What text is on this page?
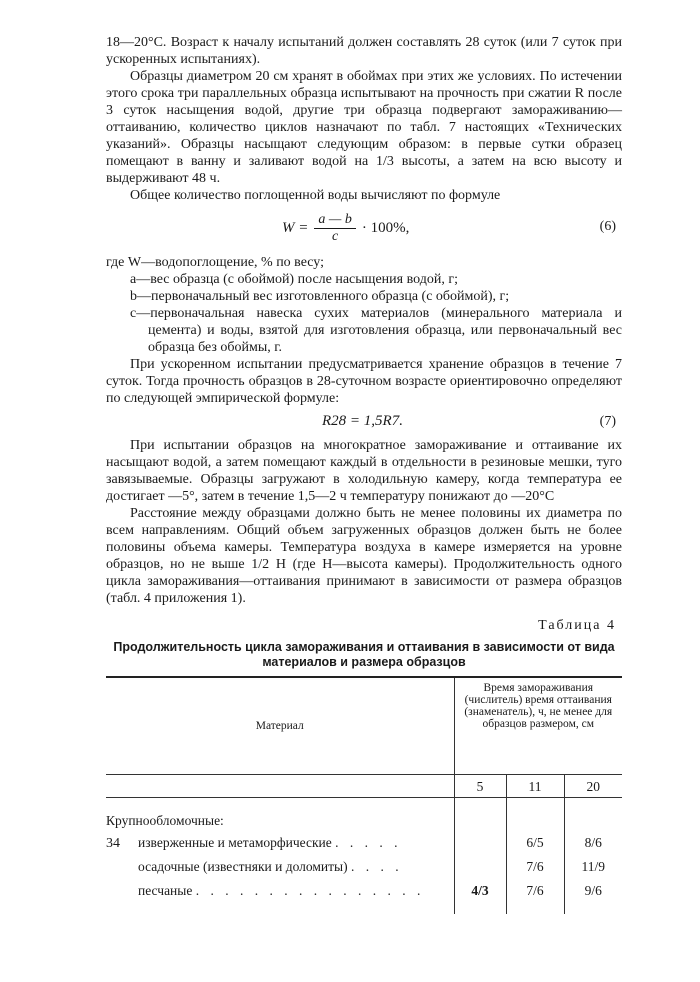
18—20°C. Возраст к началу испытаний должен составлять 28 суток (или 7 суток при ускоренных испытаниях).

Образцы диаметром 20 см хранят в обоймах при этих же условиях. По истечении этого срока три параллельных образца испытывают на прочность при сжатии R после 3 суток насыщения водой, другие три образца подвергают замораживанию—оттаиванию, количество циклов назначают по табл. 7 настоящих «Технических указаний». Образцы насыщают следующим образом: в первые сутки образец помещают в ванну и заливают водой на 1/3 высоты, а затем на всю высоту и выдерживают 48 ч.

Общее количество поглощенной воды вычисляют по формуле

$W = \frac{a — b}{c} \cdot 100\%$,	(6)

где W—водопоглощение, % по весу;

a—вес образца (с обоймой) после насыщения водой, г;

b—первоначальный вес изготовленного образца (с обоймой), г;

c—первоначальная навеска сухих материалов (минерального материала и цемента) и воды, взятой для изготовления образца, или первоначальный вес образца без обоймы, г.

При ускоренном испытании предусматривается хранение образцов в течение 7 суток. Тогда прочность образцов в 28-суточном возрасте ориентировочно определяют по следующей эмпирической формуле:

R28 = 1,5R7.	(7)

При испытании образцов на многократное замораживание и оттаивание их насыщают водой, а затем помещают каждый в отдельности в резиновые мешки, туго завязываемые. Образцы загружают в холодильную камеру, когда температура ее достигает —5°, затем в течение 1,5—2 ч температуру понижают до —20°С

Расстояние между образцами должно быть не менее половины их диаметра по всем направлениям. Общий объем загруженных образцов должен быть не более половины объема камеры. Температура воздуха в камере измеряется на уровне образцов, но не выше 1/2 H (где H—высота камеры). Продолжительность одного цикла замораживания—оттаивания принимают в зависимости от размера образцов (табл. 4 приложения 1).

Таблица 4
Продолжительность цикла замораживания и оттаивания в зависимости от вида материалов и размера образцов
Материал	Время замораживания (числитель) время оттаивания (знаменатель), ч, не менее для образцов размером, см		
	5	11	20
Крупнообломочные:			
изверженные и метаморфические . . . . .		6/5	8/6
осадочные (известняки и доломиты) . . . .		7/6	11/9
песчаные . . . . . . . . . . . . . . . .	4/3	7/6	9/6

34
